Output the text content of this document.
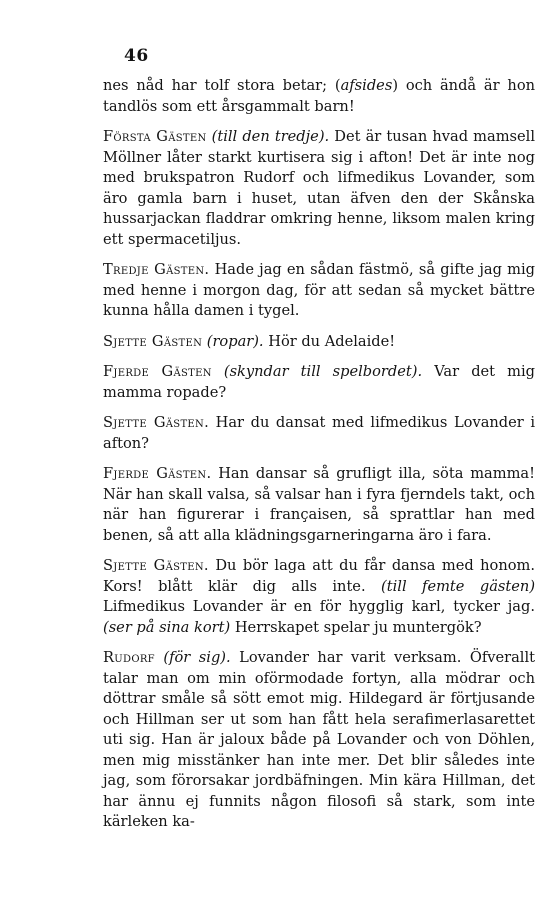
46

nes nåd har tolf stora betar; (afsides) och ändå är hon tandlös som ett årsgammalt barn!

Första Gästen (till den tredje). Det är tusan hvad mamsell Möllner låter starkt kurtisera sig i afton! Det är inte nog med brukspatron Rudorf och lifmedikus Lovander, som äro gamla barn i huset, utan äfven den der Skånska hussarjackan fladdrar omkring henne, liksom malen kring ett spermacetiljus.

Tredje Gästen. Hade jag en sådan fästmö, så gifte jag mig med henne i morgon dag, för att sedan så mycket bättre kunna hålla damen i tygel.

Sjette Gästen (ropar). Hör du Adelaide!

Fjerde Gästen (skyndar till spelbordet). Var det mig mamma ropade?

Sjette Gästen. Har du dansat med lifmedikus Lovander i afton?

Fjerde Gästen. Han dansar så grufligt illa, söta mamma! När han skall valsa, så valsar han i fyra fjerndels takt, och när han figurerar i françaisen, så sprattlar han med benen, så att alla klädningsgarneringarna äro i fara.

Sjette Gästen. Du bör laga att du får dansa med honom. Kors! blått klär dig alls inte. (till femte gästen) Lifmedikus Lovander är en för hygglig karl, tycker jag. (ser på sina kort) Herrskapet spelar ju muntergök?

Rudorf (för sig). Lovander har varit verksam. Öfverallt talar man om min oförmodade fortyn, alla mödrar och döttrar småle så sött emot mig. Hildegard är förtjusande och Hillman ser ut som han fått hela serafimerlasarettet uti sig. Han är jaloux både på Lovander och von Döhlen, men mig misstänker han inte mer. Det blir således inte jag, som förorsakar jordbäfningen. Min kära Hillman, det har ännu ej funnits någon filosofi så stark, som inte kärleken ka-
